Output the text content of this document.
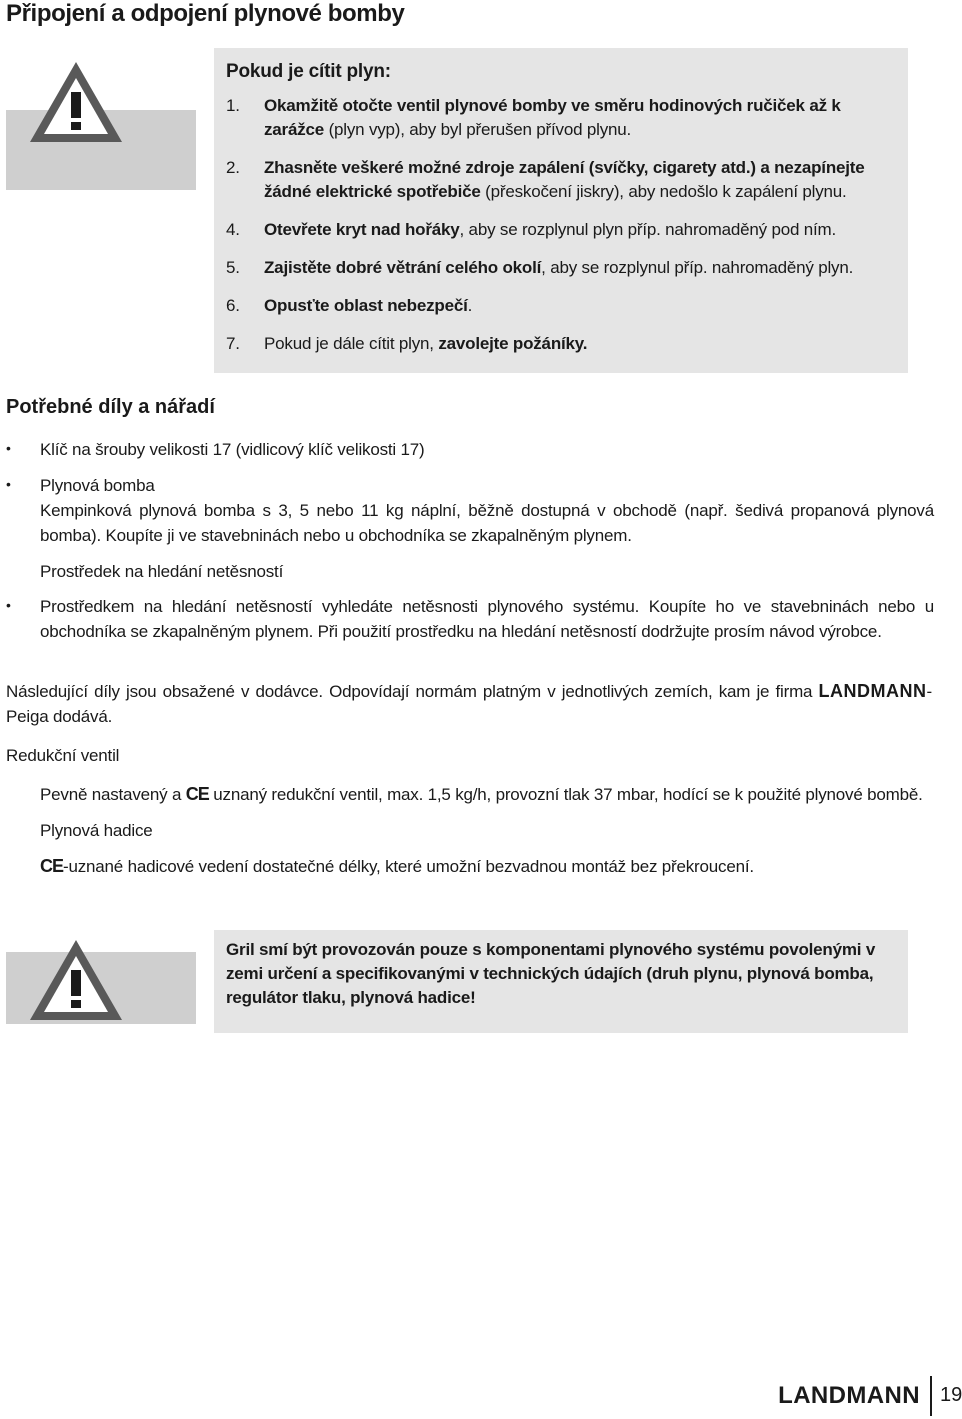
Připojení a odpojení plynové bomby
Pokud je cítit plyn:
1.	Okamžitě otočte ventil plynové bomby ve směru hodinových ručiček až k zarážce (plyn vyp), aby byl přerušen přívod plynu.
2.	Zhasněte veškeré možné zdroje zapálení (svíčky, cigarety atd.) a nezapínejte žádné elektrické spotřebiče (přeskočení jiskry), aby nedošlo k zapálení plynu.
4.	Otevřete kryt nad hořáky, aby se rozplynul plyn příp. nahromaděný pod ním.
5.	Zajistěte dobré větrání celého okolí, aby se rozplynul příp. nahromaděný plyn.
6.	Opusťte oblast nebezpečí.
7.	Pokud je dále cítit plyn, zavolejte požáníky.
Potřebné díly a nářadí
• Klíč na šrouby velikosti 17 (vidlicový klíč velikosti 17)
• Plynová bomba
Kempinková plynová bomba s 3, 5 nebo 11 kg náplní, běžně dostupná v obchodě (např. šedivá propanová plynová bomba). Koupíte ji ve stavebninách nebo u obchodníka se zkapalněným plynem.
Prostředek na hledání netěsností
• Prostředkem na hledání netěsností vyhledáte netěsnosti plynového systému. Koupíte ho ve stavebninách nebo u obchodníka se zkapalněným plynem. Při použití prostředku na hledání netěsností dodržujte prosím návod výrobce.
Následující díly jsou obsažené v dodávce. Odpovídají normám platným v jednotlivých zemích, kam je firma LANDMANN-Peiga dodává.
Redukční ventil
Pevně nastavený a CE uznaný redukční ventil, max. 1,5 kg/h, provozní tlak 37 mbar, hodící se k použité plynové bombě.
Plynová hadice
CE-uznané hadicové vedení dostatečné délky, které umožní bezvadnou montáž bez překroucení.
Gril smí být provozován pouze s komponentami plynového systému povolenými v zemi určení a specifikovanými v technických údajích (druh plynu, plynová bomba, regulátor tlaku, plynová hadice!
LANDMANN 19
